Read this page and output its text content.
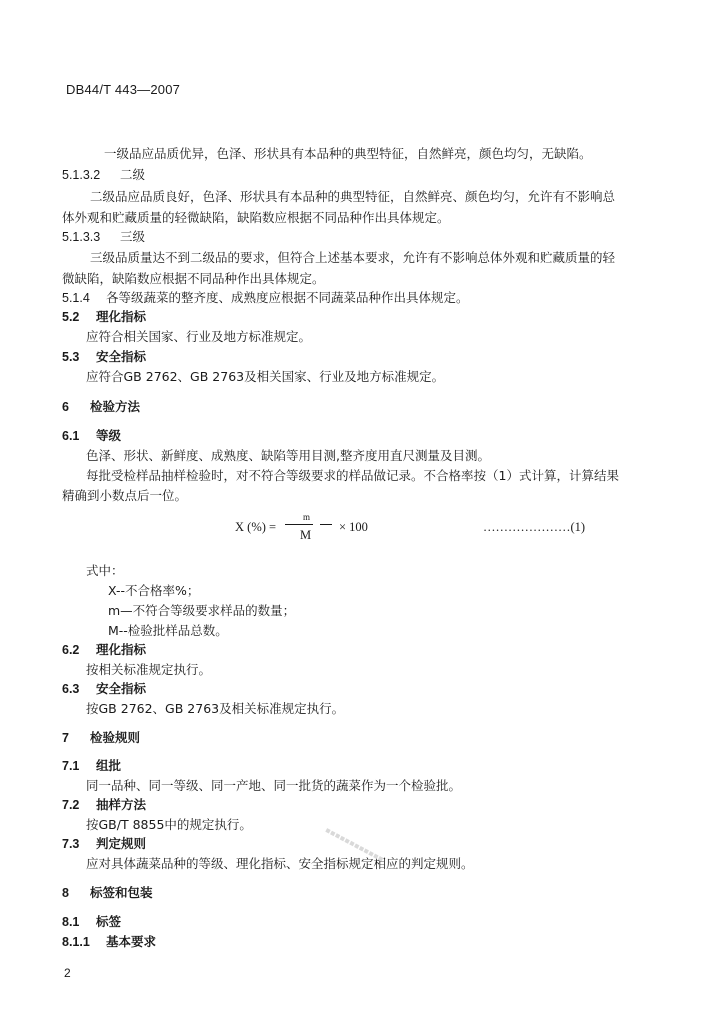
DB44/T 443—2007
一级品应品质优异，色泽、形状具有本品种的典型特征，自然鲜亮，颜色均匀，无缺陷。
5.1.3.2 二级
二级品应品质良好，色泽、形状具有本品种的典型特征，自然鲜亮、颜色均匀，允许有不影响总
体外观和贮藏质量的轻微缺陷，缺陷数应根据不同品种作出具体规定。
5.1.3.3 三级
三级品质量达不到二级品的要求，但符合上述基本要求，允许有不影响总体外观和贮藏质量的轻
微缺陷，缺陷数应根据不同品种作出具体规定。
5.1.4 各等级蔬菜的整齐度、成熟度应根据不同蔬菜品种作出具体规定。
5.2 理化指标
应符合相关国家、行业及地方标准规定。
5.3 安全指标
应符合GB 2762、GB 2763及相关国家、行业及地方标准规定。
6 检验方法
6.1 等级
色泽、形状、新鲜度、成熟度、缺陷等用目测,整齐度用直尺测量及目测。
每批受检样品抽样检验时，对不符合等级要求的样品做记录。不合格率按（1）式计算，计算结果
精确到小数点后一位。
X (%) =
m
M
× 100	…………………(1)
式中：
X--不合格率%；
m—不符合等级要求样品的数量；
M--检验批样品总数。
6.2 理化指标
按相关标准规定执行。
6.3 安全指标
按GB 2762、GB 2763及相关标准规定执行。
7 检验规则
7.1 组批
同一品种、同一等级、同一产地、同一批货的蔬菜作为一个检验批。
7.2 抽样方法
按GB/T 8855中的规定执行。
7.3 判定规则
应对具体蔬菜品种的等级、理化指标、安全指标规定相应的判定规则。
▪▪▪▪▪▪▪▪▪▪▪▪
8 标签和包装
8.1 标签
8.1.1 基本要求
2
